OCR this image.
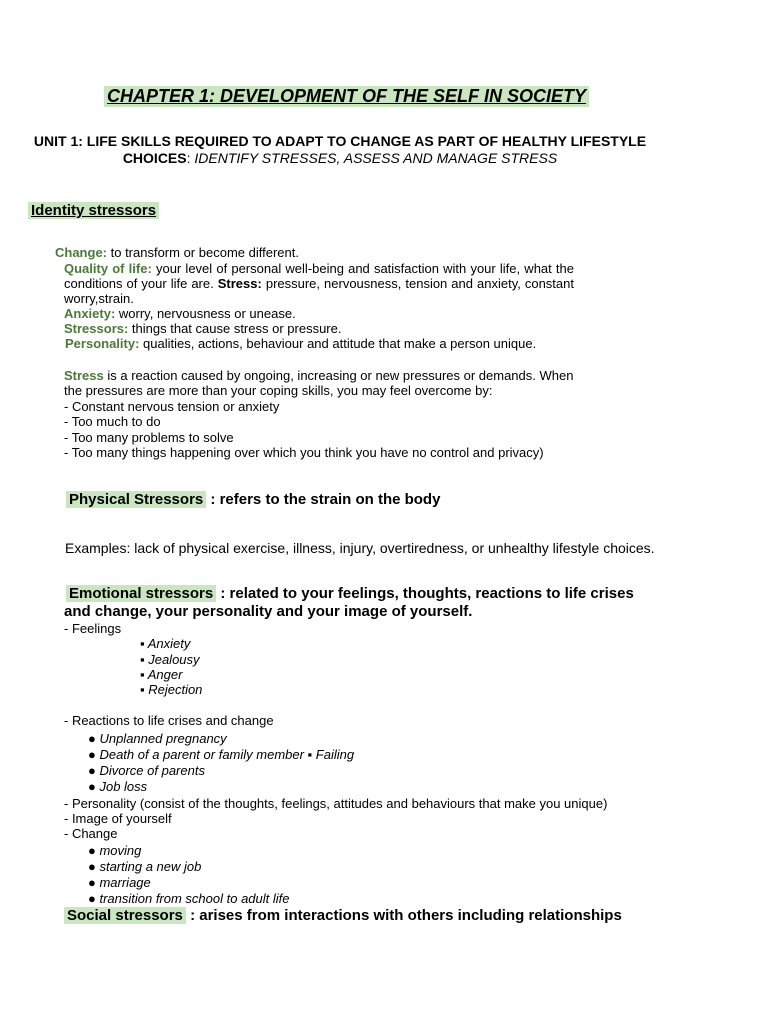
CHAPTER 1: DEVELOPMENT OF THE SELF IN SOCIETY
UNIT 1: LIFE SKILLS REQUIRED TO ADAPT TO CHANGE AS PART OF HEALTHY LIFESTYLE
CHOICES: IDENTIFY STRESSES, ASSESS AND MANAGE STRESS
Identity stressors
Change: to transform or become different.
Quality of life: your level of personal well-being and satisfaction with your life, what the conditions of your life are. Stress: pressure, nervousness, tension and anxiety, constant worry,strain.
Anxiety: worry, nervousness or unease.
Stressors: things that cause stress or pressure.
Personality: qualities, actions, behaviour and attitude that make a person unique.
Stress is a reaction caused by ongoing, increasing or new pressures or demands. When
the pressures are more than your coping skills, you may feel overcome by:
- Constant nervous tension or anxiety
- Too much to do
- Too many problems to solve
- Too many things happening over which you think you have no control and privacy)
Physical Stressors : refers to the strain on the body
Examples: lack of physical exercise, illness, injury, overtiredness, or unhealthy lifestyle choices.
Emotional stressors : related to your feelings, thoughts, reactions to life crises
and change, your personality and your image of yourself.
- Feelings
▪ Anxiety
▪ Jealousy
▪ Anger
▪ Rejection
- Reactions to life crises and change
● Unplanned pregnancy
● Death of a parent or family member ▪ Failing
● Divorce of parents
● Job loss
- Personality (consist of the thoughts, feelings, attitudes and behaviours that make you unique)
- Image of yourself
- Change
● moving
● starting a new job
● marriage
● transition from school to adult life
Social stressors : arises from interactions with others including relationships
